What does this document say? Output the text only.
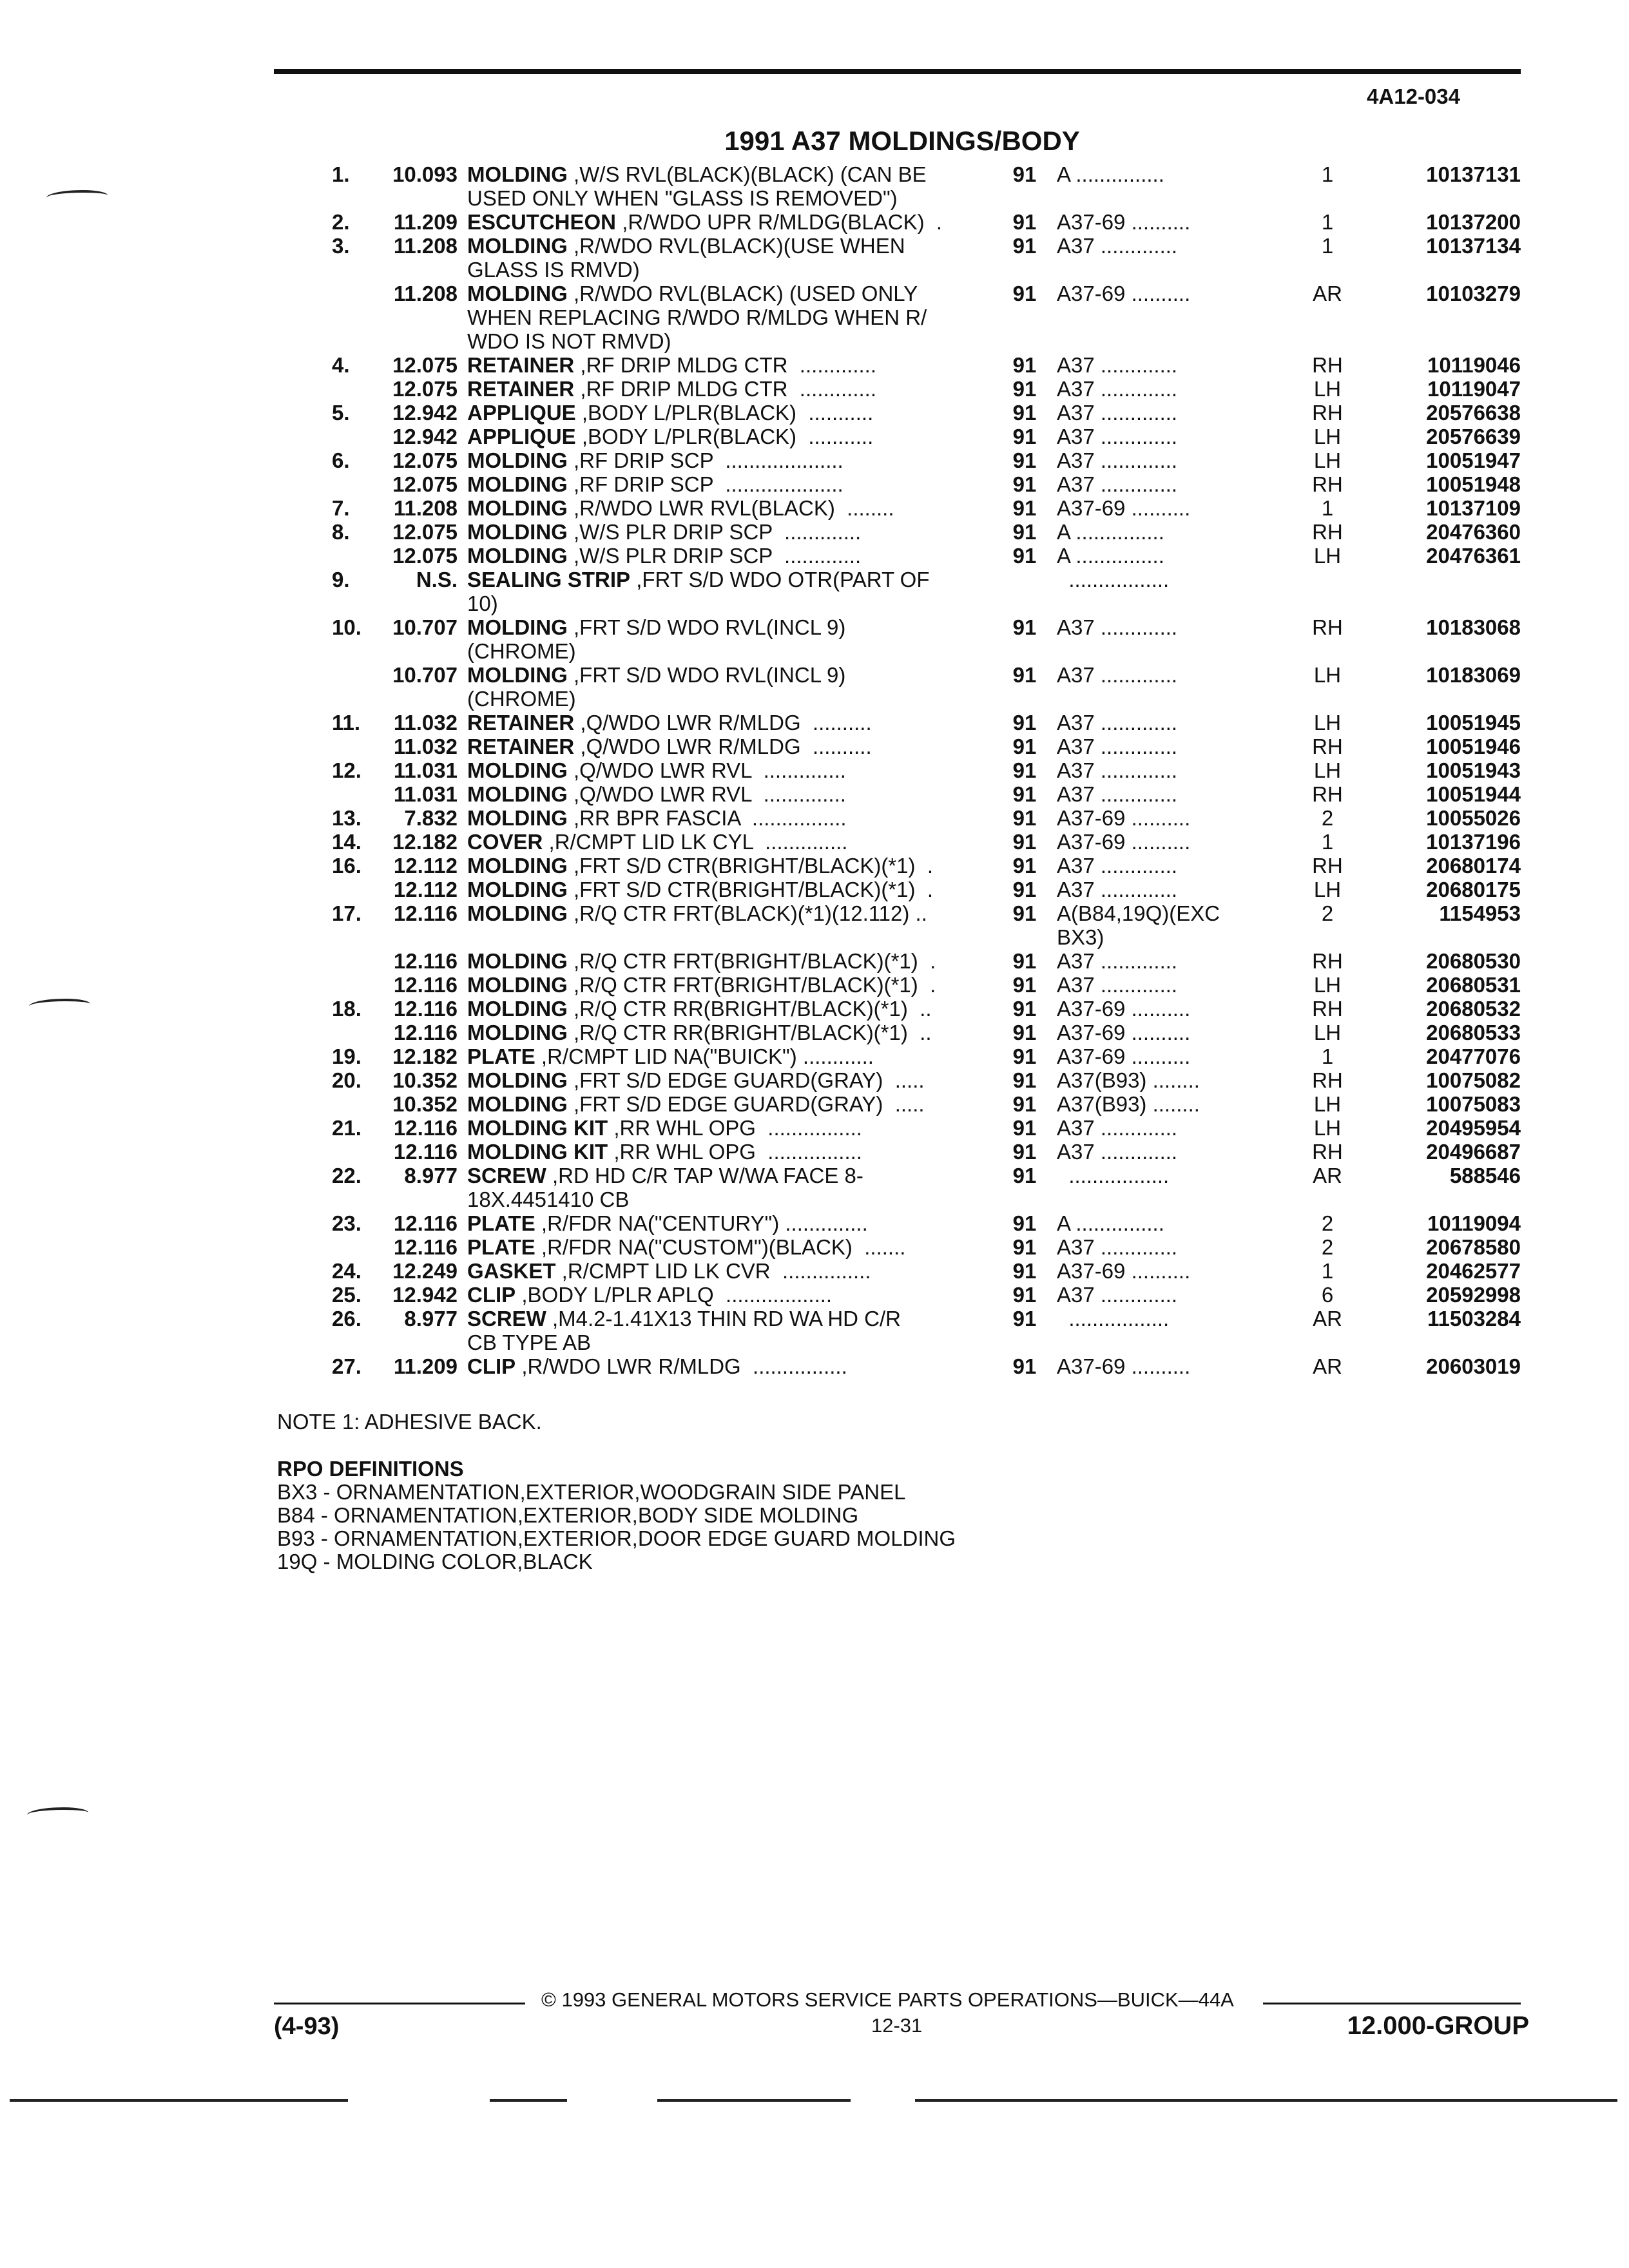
4A12-034
1991 A37 MOLDINGS/BODY
1.	10.093 MOLDING ,W/S RVL(BLACK)(BLACK) (CAN BE
USED ONLY WHEN "GLASS IS REMOVED")
91 A ...............	1	10137131
2.	11.209 ESCUTCHEON ,R/WDO UPR R/MLDG(BLACK)  .	91 A37-69 ..........	1	10137200
3.	11.208 MOLDING ,R/WDO RVL(BLACK)(USE WHEN
GLASS IS RMVD)
91 A37 .............	1	10137134
11.208 MOLDING ,R/WDO RVL(BLACK) (USED ONLY
WHEN REPLACING R/WDO R/MLDG WHEN R/
WDO IS NOT RMVD)
91 A37-69 ..........	AR	10103279
4.	12.075 RETAINER ,RF DRIP MLDG CTR  .............	91 A37 .............	RH	10119046
12.075 RETAINER ,RF DRIP MLDG CTR  .............	91 A37 .............	LH	10119047
5.	12.942 APPLIQUE ,BODY L/PLR(BLACK)  ...........	91 A37 .............	RH	20576638
12.942 APPLIQUE ,BODY L/PLR(BLACK)  ...........	91 A37 .............	LH	20576639
6.	12.075 MOLDING ,RF DRIP SCP  ....................	91 A37 .............	LH	10051947
12.075 MOLDING ,RF DRIP SCP  ....................	91 A37 .............	RH	10051948
7.	11.208 MOLDING ,R/WDO LWR RVL(BLACK)  ........	91 A37-69 ..........	1	10137109
8.	12.075 MOLDING ,W/S PLR DRIP SCP  .............	91 A ...............	RH	20476360
12.075 MOLDING ,W/S PLR DRIP SCP  .............	91 A ...............	LH	20476361
9.	N.S. SEALING STRIP ,FRT S/D WDO OTR(PART OF
10)
.................
10.	10.707 MOLDING ,FRT S/D WDO RVL(INCL 9)
(CHROME)
91 A37 .............	RH	10183068
10.707 MOLDING ,FRT S/D WDO RVL(INCL 9)
(CHROME)
91 A37 .............	LH	10183069
11.	11.032 RETAINER ,Q/WDO LWR R/MLDG  ..........	91 A37 .............	LH	10051945
11.032 RETAINER ,Q/WDO LWR R/MLDG  ..........	91 A37 .............	RH	10051946
12.	11.031 MOLDING ,Q/WDO LWR RVL  ..............	91 A37 .............	LH	10051943
11.031 MOLDING ,Q/WDO LWR RVL  ..............	91 A37 .............	RH	10051944
13.	7.832 MOLDING ,RR BPR FASCIA  ................	91 A37-69 ..........	2	10055026
14.	12.182 COVER ,R/CMPT LID LK CYL  ..............	91 A37-69 ..........	1	10137196
16.	12.112 MOLDING ,FRT S/D CTR(BRIGHT/BLACK)(*1)  .	91 A37 .............	RH	20680174
12.112 MOLDING ,FRT S/D CTR(BRIGHT/BLACK)(*1)  .	91 A37 .............	LH	20680175
17.	12.116 MOLDING ,R/Q CTR FRT(BLACK)(*1)(12.112) ..	91 A(B84,19Q)(EXC
BX3)
2	1154953
12.116 MOLDING ,R/Q CTR FRT(BRIGHT/BLACK)(*1)  .	91 A37 .............	RH	20680530
12.116 MOLDING ,R/Q CTR FRT(BRIGHT/BLACK)(*1)  .	91 A37 .............	LH	20680531
18.	12.116 MOLDING ,R/Q CTR RR(BRIGHT/BLACK)(*1)  ..	91 A37-69 ..........	RH	20680532
12.116 MOLDING ,R/Q CTR RR(BRIGHT/BLACK)(*1)  ..	91 A37-69 ..........	LH	20680533
19.	12.182 PLATE ,R/CMPT LID NA("BUICK") ............	91 A37-69 ..........	1	20477076
20.	10.352 MOLDING ,FRT S/D EDGE GUARD(GRAY)  .....	91 A37(B93) ........	RH	10075082
10.352 MOLDING ,FRT S/D EDGE GUARD(GRAY)  .....	91 A37(B93) ........	LH	10075083
21.	12.116 MOLDING KIT ,RR WHL OPG  ................	91 A37 .............	LH	20495954
12.116 MOLDING KIT ,RR WHL OPG  ................	91 A37 .............	RH	20496687
22.	8.977 SCREW ,RD HD C/R TAP W/WA FACE 8-
18X.4451410 CB
91 .................	AR	588546
23.	12.116 PLATE ,R/FDR NA("CENTURY") ..............	91 A ...............	2	10119094
12.116 PLATE ,R/FDR NA("CUSTOM")(BLACK)  .......	91 A37 .............	2	20678580
24.	12.249 GASKET ,R/CMPT LID LK CVR  ...............	91 A37-69 ..........	1	20462577
25.	12.942 CLIP ,BODY L/PLR APLQ  ..................	91 A37 .............	6	20592998
26.	8.977 SCREW ,M4.2-1.41X13 THIN RD WA HD C/R
CB TYPE AB
91 .................	AR	11503284
27.	11.209 CLIP ,R/WDO LWR R/MLDG  ................	91 A37-69 ..........	AR	20603019
NOTE 1: ADHESIVE BACK.
RPO DEFINITIONS
BX3 - ORNAMENTATION,EXTERIOR,WOODGRAIN SIDE PANEL
B84 - ORNAMENTATION,EXTERIOR,BODY SIDE MOLDING
B93 - ORNAMENTATION,EXTERIOR,DOOR EDGE GUARD MOLDING
19Q - MOLDING COLOR,BLACK
© 1993 GENERAL MOTORS SERVICE PARTS OPERATIONS—BUICK—44A
(4-93)	12-31	12.000-GROUP
